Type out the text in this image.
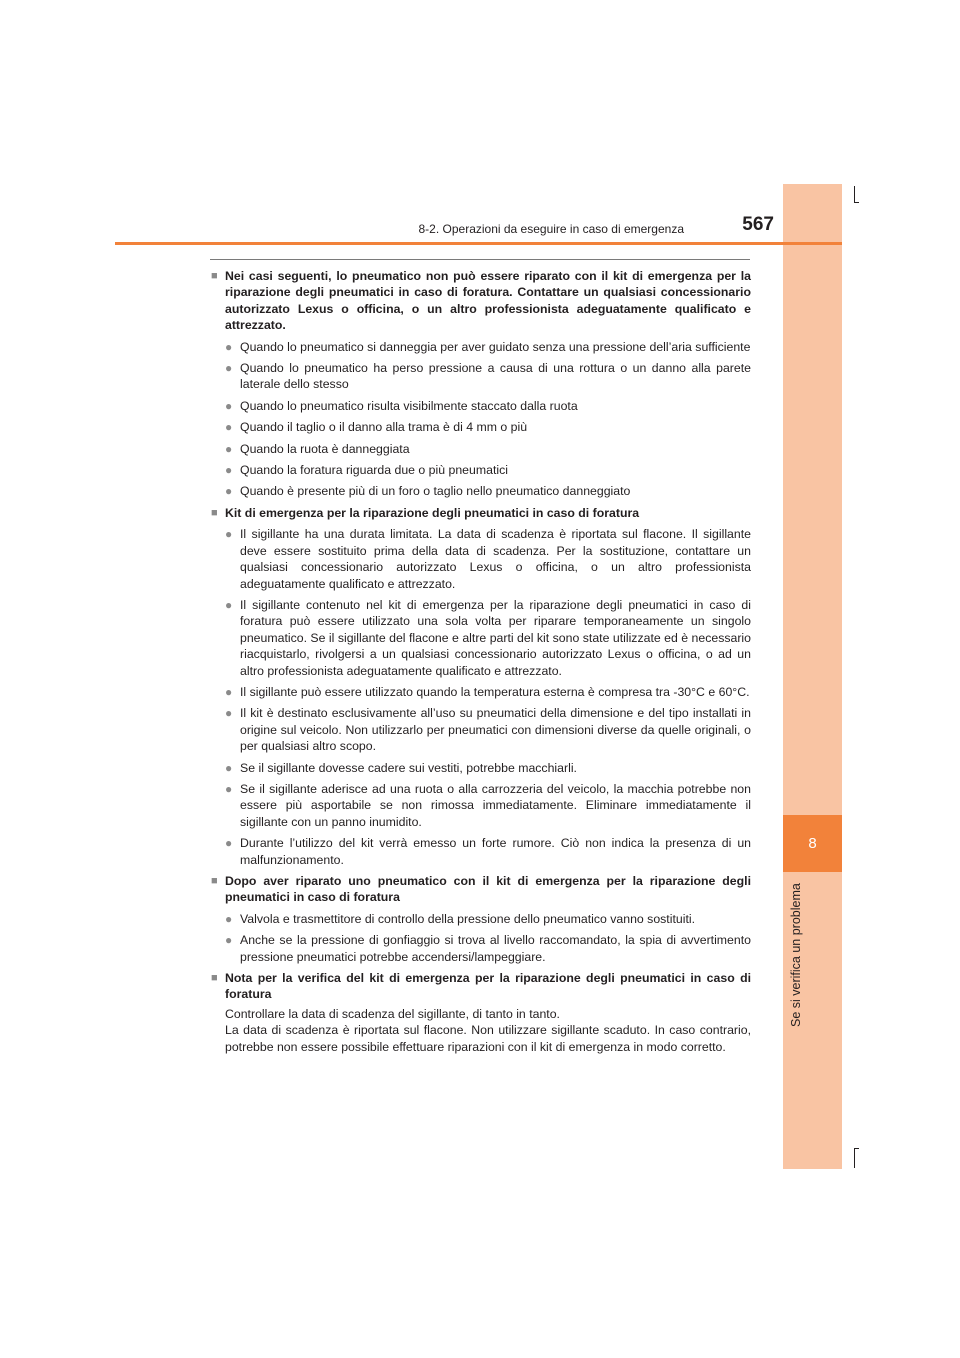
8
Se si verifica un problema
8-2. Operazioni da eseguire in caso di emergenza	567
■ Nei casi seguenti, lo pneumatico non può essere riparato con il kit di emergenza per la riparazione degli pneumatici in caso di foratura. Contattare un qualsiasi concessionario autorizzato Lexus o officina, o un altro professionista adeguatamente qualificato e attrezzato.
● Quando lo pneumatico si danneggia per aver guidato senza una pressione dell’aria sufficiente
● Quando lo pneumatico ha perso pressione a causa di una rottura o un danno alla parete laterale dello stesso
● Quando lo pneumatico risulta visibilmente staccato dalla ruota
● Quando il taglio o il danno alla trama è di 4 mm o più
● Quando la ruota è danneggiata
● Quando la foratura riguarda due o più pneumatici
● Quando è presente più di un foro o taglio nello pneumatico danneggiato
■ Kit di emergenza per la riparazione degli pneumatici in caso di foratura
● Il sigillante ha una durata limitata. La data di scadenza è riportata sul flacone. Il sigillante deve essere sostituito prima della data di scadenza. Per la sostituzione, contattare un qualsiasi concessionario autorizzato Lexus o officina, o un altro professionista adeguatamente qualificato e attrezzato.
● Il sigillante contenuto nel kit di emergenza per la riparazione degli pneumatici in caso di foratura può essere utilizzato una sola volta per riparare temporaneamente un singolo pneumatico. Se il sigillante del flacone e altre parti del kit sono state utilizzate ed è necessario riacquistarlo, rivolgersi a un qualsiasi concessionario autorizzato Lexus o officina, o ad un altro professionista adeguatamente qualificato e attrezzato.
● Il sigillante può essere utilizzato quando la temperatura esterna è compresa tra -30°C e 60°C.
● Il kit è destinato esclusivamente all’uso su pneumatici della dimensione e del tipo installati in origine sul veicolo. Non utilizzarlo per pneumatici con dimensioni diverse da quelle originali, o per qualsiasi altro scopo.
● Se il sigillante dovesse cadere sui vestiti, potrebbe macchiarli.
● Se il sigillante aderisce ad una ruota o alla carrozzeria del veicolo, la macchia potrebbe non essere più asportabile se non rimossa immediatamente. Eliminare immediatamente il sigillante con un panno inumidito.
● Durante l’utilizzo del kit verrà emesso un forte rumore. Ciò non indica la presenza di un malfunzionamento.
■ Dopo aver riparato uno pneumatico con il kit di emergenza per la riparazione degli pneumatici in caso di foratura
● Valvola e trasmettitore di controllo della pressione dello pneumatico vanno sostituiti.
● Anche se la pressione di gonfiaggio si trova al livello raccomandato, la spia di avvertimento pressione pneumatici potrebbe accendersi/lampeggiare.
■ Nota per la verifica del kit di emergenza per la riparazione degli pneumatici in caso di foratura

Controllare la data di scadenza del sigillante, di tanto in tanto.

La data di scadenza è riportata sul flacone. Non utilizzare sigillante scaduto. In caso contrario, potrebbe non essere possibile effettuare riparazioni con il kit di emergenza in modo corretto.
